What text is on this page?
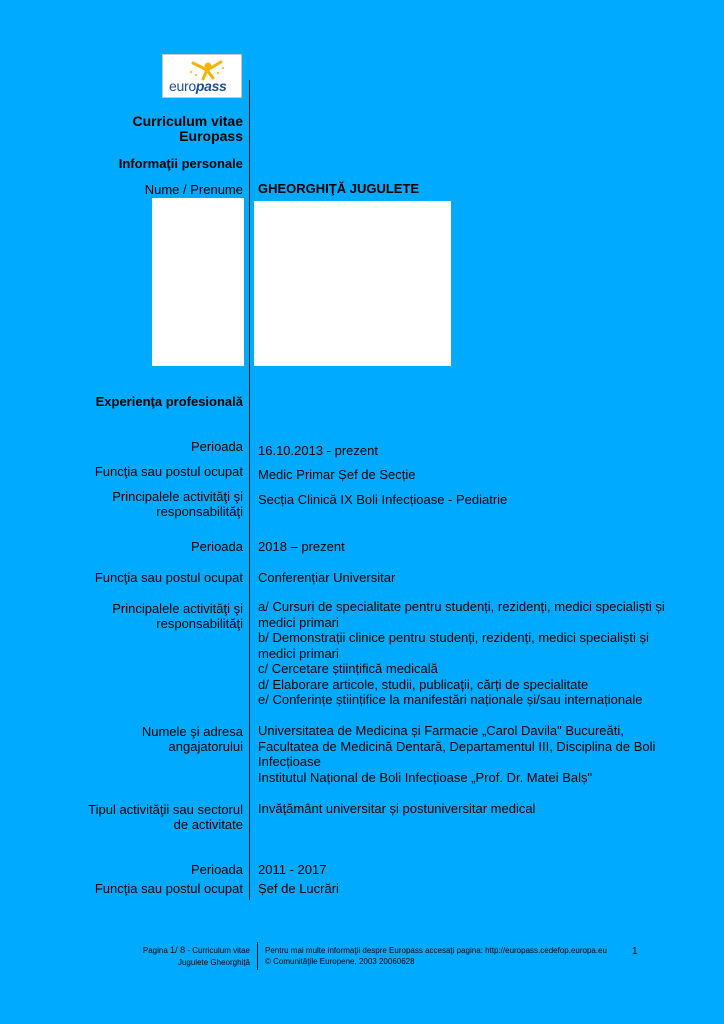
europass
Curriculum vitae
Europass
Informaţii personale
Nume / Prenume GHEORGHIŢĂ JUGULETE
Experienţa profesională
Perioada 16.10.2013 - prezent
Funcţia sau postul ocupat Medic Primar Șef de Secție
Principalele activităţi şi
responsabilităţi
Secția Clinică IX Boli Infecțioase - Pediatrie
Perioada 2018 – prezent
Funcţia sau postul ocupat Conferențiar Universitar
Principalele activităţi şi
responsabilităţi
a/ Cursuri de specialitate pentru studenți, rezidenți, medici specialiști și
medici primari
b/ Demonstrații clinice pentru studenți, rezidenți, medici specialiști și
medici primari
c/ Cercetare științifică medicală
d/ Elaborare articole, studii, publicații, cărți de specialitate
e/ Conferințe științifice la manifestări naționale și/sau internaționale
Numele şi adresa
angajatorului
Universitatea de Medicina și Farmacie „Carol Davila" Bucureăti,
Facultatea de Medicină Dentară, Departamentul III, Disciplina de Boli
Infecțioase
Institutul Național de Boli Infecțioase „Prof. Dr. Matei Balș"
Tipul activităţii sau sectorul
de activitate
Invățământ universitar și postuniversitar medical
Perioada 2011 - 2017
Funcţia sau postul ocupat Șef de Lucrări
Pagina 1/ 8 - Curriculum vitae
Jugulete Gheorghiță
Pentru mai multe informaţii despre Europass accesaţi pagina: http://europass.cedefop.europa.eu
© Comunităţile Europene, 2003 20060628
1
